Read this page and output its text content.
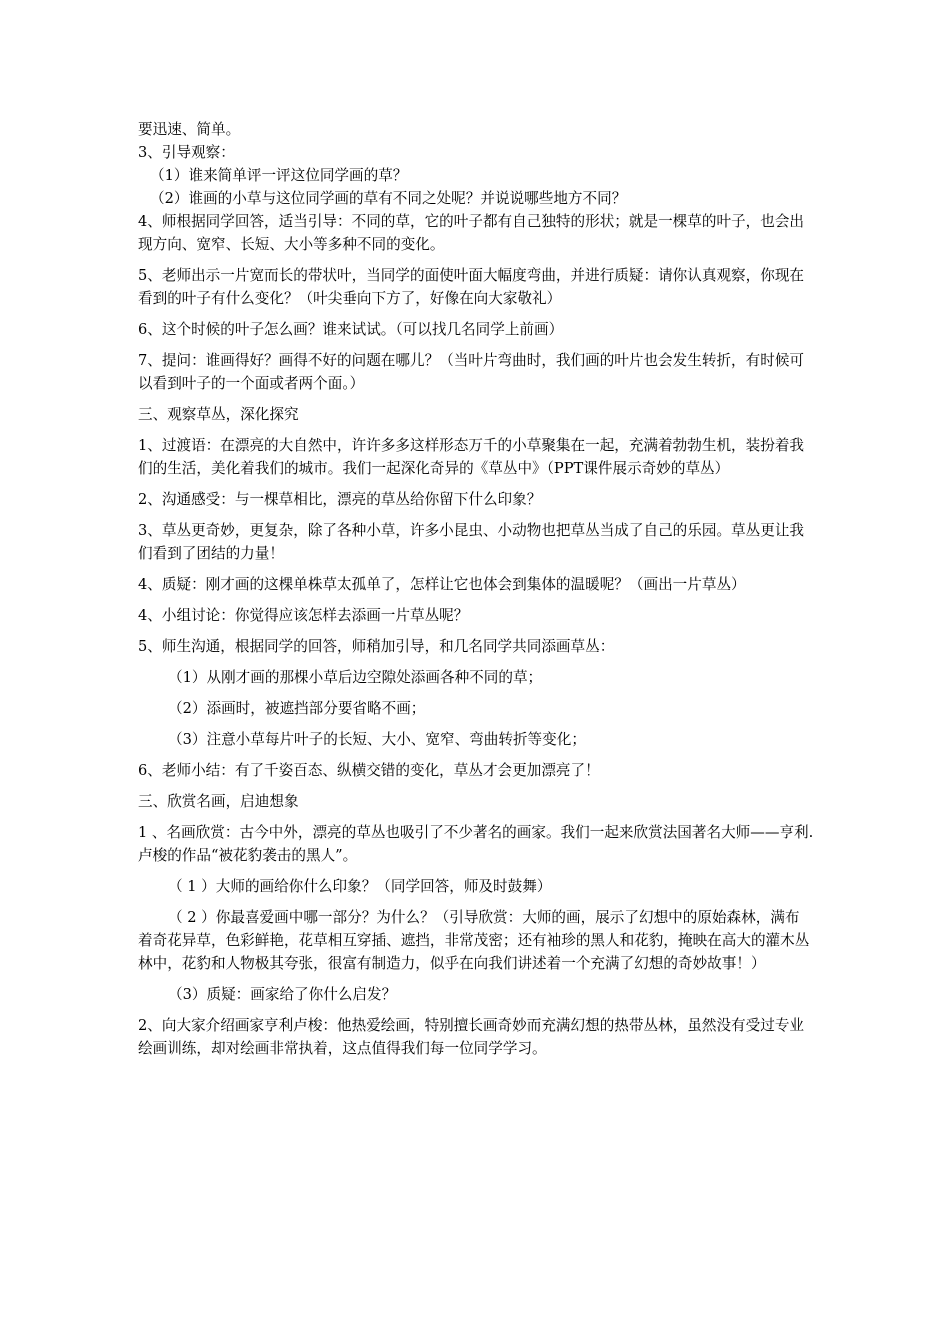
要迅速、简单。

3、引导观察：

（1）谁来简单评一评这位同学画的草？

（2）谁画的小草与这位同学画的草有不同之处呢？并说说哪些地方不同？

4、师根据同学回答，适当引导：不同的草，它的叶子都有自己独特的形状；就是一棵草的叶子，也会出现方向、宽窄、长短、大小等多种不同的变化。

5、老师出示一片宽而长的带状叶，当同学的面使叶面大幅度弯曲，并进行质疑：请你认真观察，你现在看到的叶子有什么变化？（叶尖垂向下方了，好像在向大家敬礼）

6、这个时候的叶子怎么画？谁来试试。（可以找几名同学上前画）

7、提问：谁画得好？画得不好的问题在哪儿？（当叶片弯曲时，我们画的叶片也会发生转折，有时候可以看到叶子的一个面或者两个面。）

三、观察草丛，深化探究

1、过渡语：在漂亮的大自然中，许许多多这样形态万千的小草聚集在一起，充满着勃勃生机，装扮着我们的生活，美化着我们的城市。我们一起深化奇异的《草丛中》（PPT课件展示奇妙的草丛）

2、沟通感受：与一棵草相比，漂亮的草丛给你留下什么印象？

3、草丛更奇妙，更复杂，除了各种小草，许多小昆虫、小动物也把草丛当成了自己的乐园。草丛更让我们看到了团结的力量！

4、质疑：刚才画的这棵单株草太孤单了，怎样让它也体会到集体的温暖呢？（画出一片草丛）

4、小组讨论：你觉得应该怎样去添画一片草丛呢？

5、师生沟通，根据同学的回答，师稍加引导，和几名同学共同添画草丛：

（1）从刚才画的那棵小草后边空隙处添画各种不同的草；

（2）添画时，被遮挡部分要省略不画；

（3）注意小草每片叶子的长短、大小、宽窄、弯曲转折等变化；

6、老师小结：有了千姿百态、纵横交错的变化，草丛才会更加漂亮了！

三、欣赏名画，启迪想象

1 、名画欣赏：古今中外，漂亮的草丛也吸引了不少著名的画家。我们一起来欣赏法国著名大师——亨利.卢梭的作品“被花豹袭击的黑人”。

（ 1 ）大师的画给你什么印象？（同学回答，师及时鼓舞）

（ 2 ）你最喜爱画中哪一部分？为什么？（引导欣赏：大师的画，展示了幻想中的原始森林，满布着奇花异草，色彩鲜艳，花草相互穿插、遮挡，非常茂密；还有袖珍的黑人和花豹，掩映在高大的灌木丛林中，花豹和人物极其夸张，很富有制造力，似乎在向我们讲述着一个充满了幻想的奇妙故事！）

（3）质疑：画家给了你什么启发？

2、向大家介绍画家亨利卢梭：他热爱绘画，特别擅长画奇妙而充满幻想的热带丛林，虽然没有受过专业绘画训练，却对绘画非常执着，这点值得我们每一位同学学习。
